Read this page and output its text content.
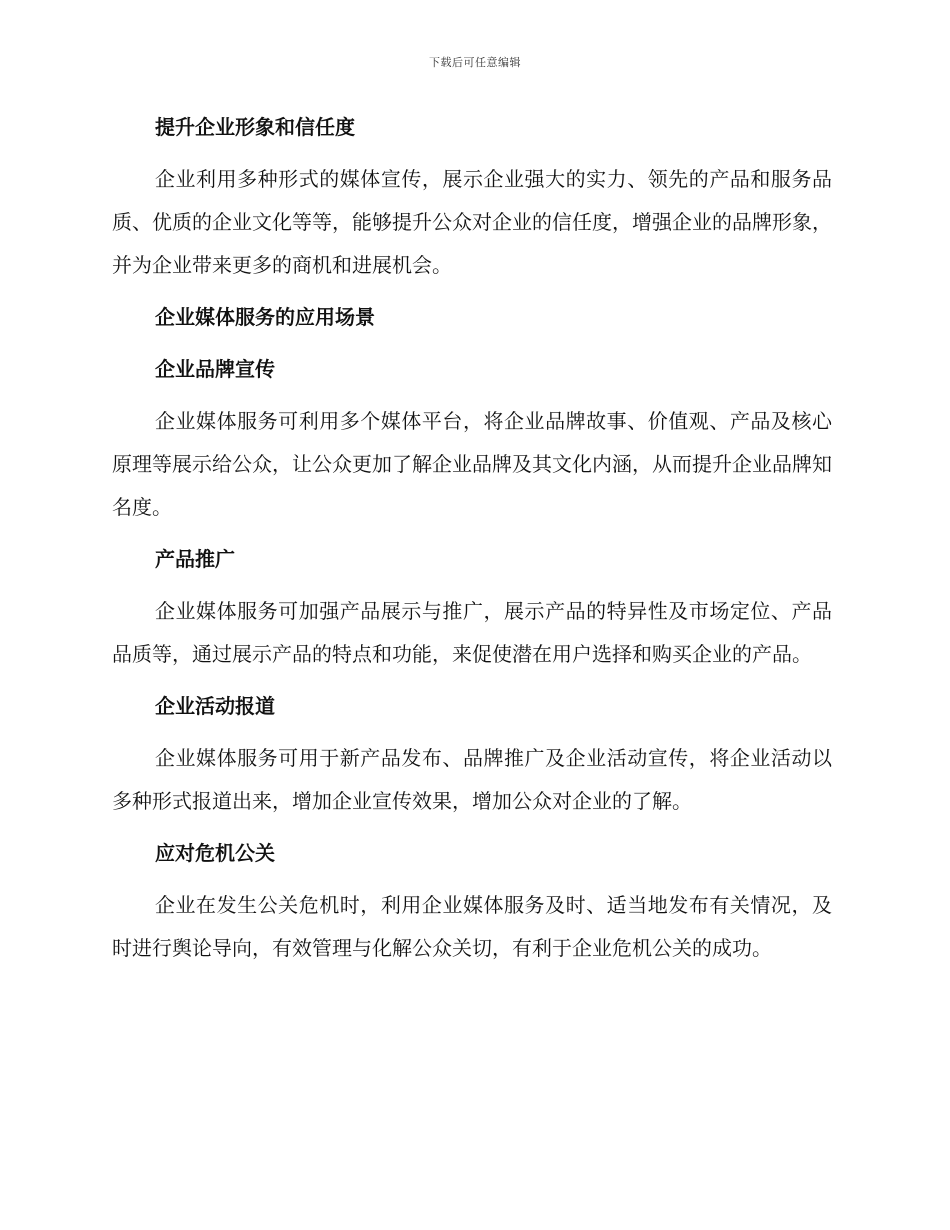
下载后可任意编辑
提升企业形象和信任度

企业利用多种形式的媒体宣传，展示企业强大的实力、领先的产品和服务品质、优质的企业文化等等，能够提升公众对企业的信任度，增强企业的品牌形象，并为企业带来更多的商机和进展机会。

企业媒体服务的应用场景
企业品牌宣传

企业媒体服务可利用多个媒体平台，将企业品牌故事、价值观、产品及核心原理等展示给公众，让公众更加了解企业品牌及其文化内涵，从而提升企业品牌知名度。

产品推广

企业媒体服务可加强产品展示与推广，展示产品的特异性及市场定位、产品品质等，通过展示产品的特点和功能，来促使潜在用户选择和购买企业的产品。

企业活动报道

企业媒体服务可用于新产品发布、品牌推广及企业活动宣传，将企业活动以多种形式报道出来，增加企业宣传效果，增加公众对企业的了解。

应对危机公关

企业在发生公关危机时，利用企业媒体服务及时、适当地发布有关情况，及时进行舆论导向，有效管理与化解公众关切，有利于企业危机公关的成功。
